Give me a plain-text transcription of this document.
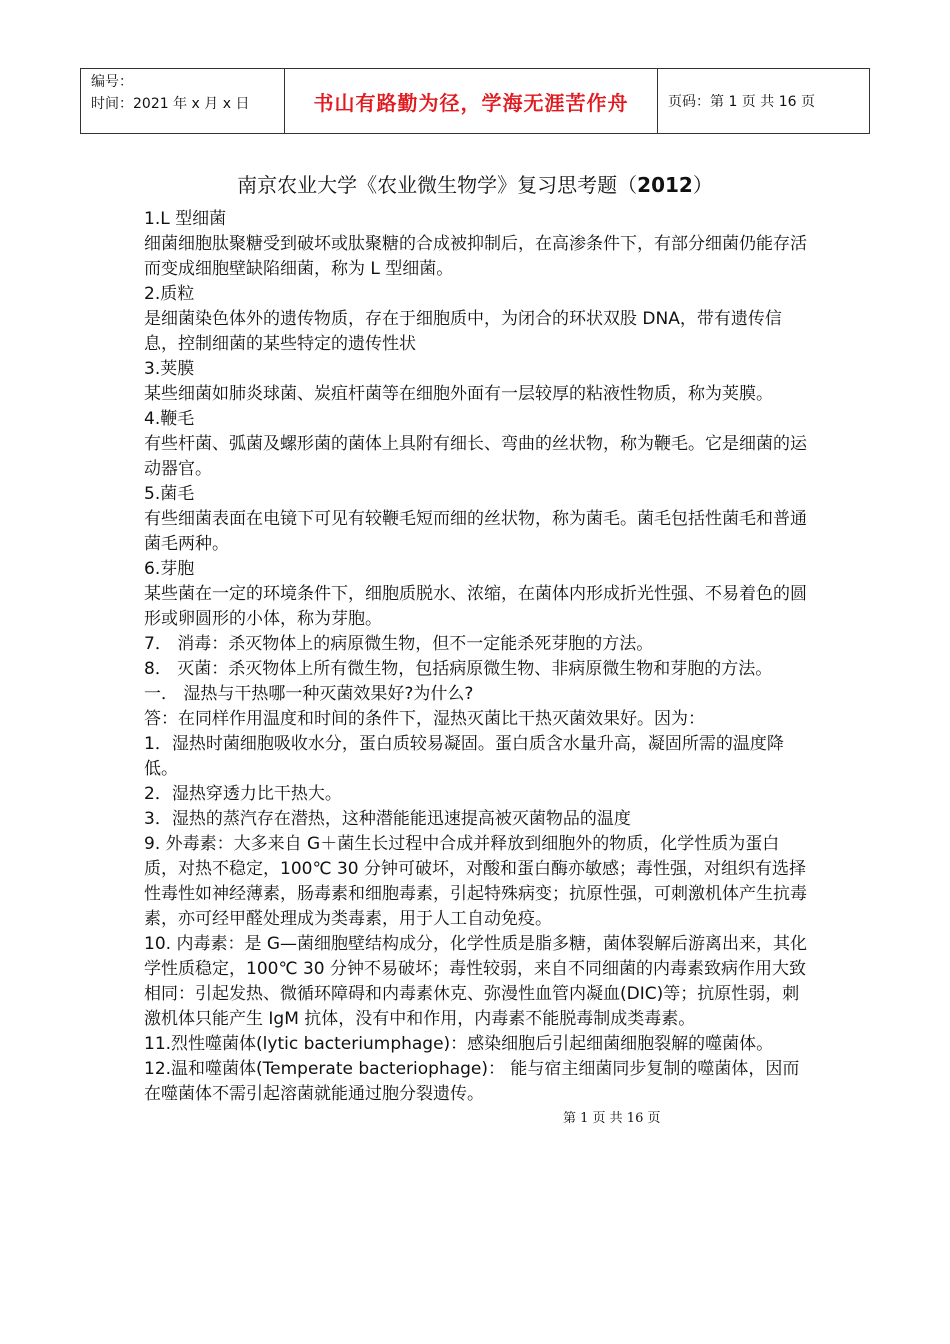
编号：
时间：2021 年 x 月 x 日	书山有路勤为径，学海无涯苦作舟	页码：第 1 页 共 16 页
南京农业大学《农业微生物学》复习思考题（2012）

1.L 型细菌

细菌细胞肽聚糖受到破坏或肽聚糖的合成被抑制后，在高渗条件下，有部分细菌仍能存活而变成细胞壁缺陷细菌，称为 L 型细菌。

2.质粒

是细菌染色体外的遗传物质，存在于细胞质中，为闭合的环状双股 DNA，带有遗传信息，控制细菌的某些特定的遗传性状

3.荚膜

某些细菌如肺炎球菌、炭疽杆菌等在细胞外面有一层较厚的粘液性物质，称为荚膜。

4.鞭毛

有些杆菌、弧菌及螺形菌的菌体上具附有细长、弯曲的丝状物，称为鞭毛。它是细菌的运动器官。

5.菌毛

有些细菌表面在电镜下可见有较鞭毛短而细的丝状物，称为菌毛。菌毛包括性菌毛和普通菌毛两种。

6.芽胞

某些菌在一定的环境条件下，细胞质脱水、浓缩，在菌体内形成折光性强、不易着色的圆形或卵圆形的小体，称为芽胞。

7． 消毒：杀灭物体上的病原微生物，但不一定能杀死芽胞的方法。

8． 灭菌：杀灭物体上所有微生物，包括病原微生物、非病原微生物和芽胞的方法。

一． 湿热与干热哪一种灭菌效果好?为什么?

答：在同样作用温度和时间的条件下，湿热灭菌比干热灭菌效果好。因为：

1．湿热时菌细胞吸收水分，蛋白质较易凝固。蛋白质含水量升高，凝固所需的温度降低。

2．湿热穿透力比干热大。

3．湿热的蒸汽存在潜热，这种潜能能迅速提高被灭菌物品的温度

9. 外毒素：大多来自 G＋菌生长过程中合成并释放到细胞外的物质，化学性质为蛋白质，对热不稳定，100℃ 30 分钟可破坏，对酸和蛋白酶亦敏感；毒性强，对组织有选择性毒性如神经薄素，肠毒素和细胞毒素，引起特殊病变；抗原性强，可刺激机体产生抗毒素，亦可经甲醛处理成为类毒素，用于人工自动免疫。

10. 内毒素：是 G—菌细胞壁结构成分，化学性质是脂多糖，菌体裂解后游离出来，其化学性质稳定，100℃ 30 分钟不易破坏；毒性较弱，来自不同细菌的内毒素致病作用大致相同：引起发热、微循环障碍和内毒素休克、弥漫性血管内凝血(DIC)等；抗原性弱，刺激机体只能产生 IgM 抗体，没有中和作用，内毒素不能脱毒制成类毒素。

11.烈性噬菌体(lytic bacteriumphage)：感染细胞后引起细菌细胞裂解的噬菌体。

12.温和噬菌体(Temperate bacteriophage)： 能与宿主细菌同步复制的噬菌体，因而在噬菌体不需引起溶菌就能通过胞分裂遗传。

第 1 页 共 16 页
